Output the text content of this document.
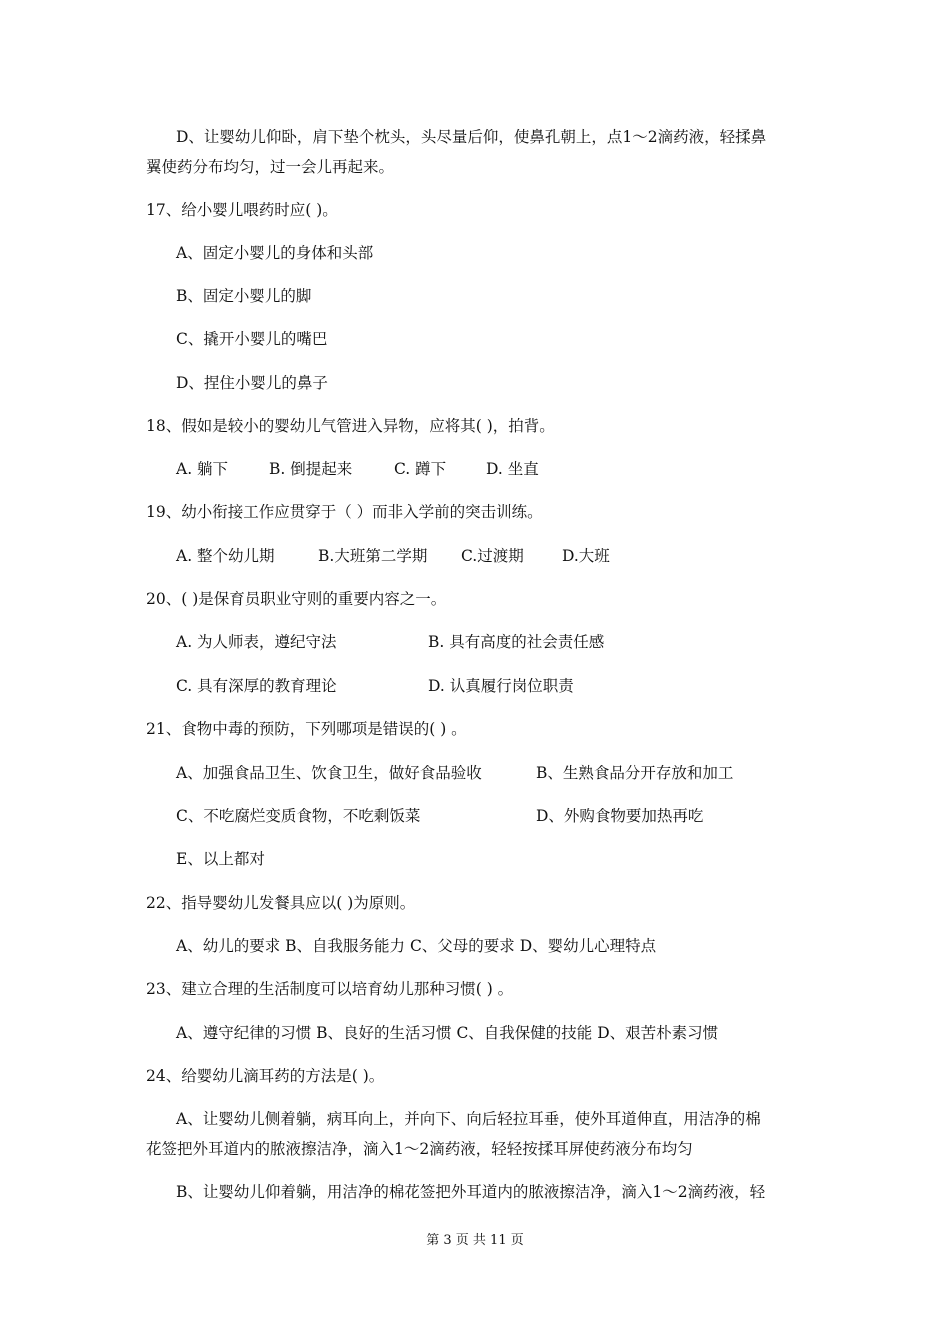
D、让婴幼儿仰卧，肩下垫个枕头，头尽量后仰，使鼻孔朝上，点1～2滴药液，轻揉鼻
翼使药分布均匀，过一会儿再起来。
17、给小婴儿喂药时应( )。
A、固定小婴儿的身体和头部
B、固定小婴儿的脚
C、撬开小婴儿的嘴巴
D、捏住小婴儿的鼻子
18、假如是较小的婴幼儿气管进入异物，应将其( )，拍背。
A. 躺下	B. 倒提起来	C. 蹲下	D. 坐直
19、幼小衔接工作应贯穿于（ ）而非入学前的突击训练。
A. 整个幼儿期	B.大班第二学期 C.过渡期 D.大班
20、( )是保育员职业守则的重要内容之一。
A. 为人师表，遵纪守法	B. 具有高度的社会责任感
C. 具有深厚的教育理论	D. 认真履行岗位职责
21、食物中毒的预防，下列哪项是错误的( ) 。
A、加强食品卫生、饮食卫生，做好食品验收	B、生熟食品分开存放和加工
C、不吃腐烂变质食物，不吃剩饭菜	D、外购食物要加热再吃
E、以上都对
22、指导婴幼儿发餐具应以( )为原则。
A、幼儿的要求 B、自我服务能力 C、父母的要求 D、婴幼儿心理特点
23、建立合理的生活制度可以培育幼儿那种习惯( ) 。
A、遵守纪律的习惯 B、良好的生活习惯 C、自我保健的技能 D、艰苦朴素习惯
24、给婴幼儿滴耳药的方法是( )。
A、让婴幼儿侧着躺，病耳向上，并向下、向后轻拉耳垂，使外耳道伸直，用洁净的棉
花签把外耳道内的脓液擦洁净，滴入1～2滴药液，轻轻按揉耳屏使药液分布均匀
B、让婴幼儿仰着躺，用洁净的棉花签把外耳道内的脓液擦洁净，滴入1～2滴药液，轻
第 3 页 共 11 页
